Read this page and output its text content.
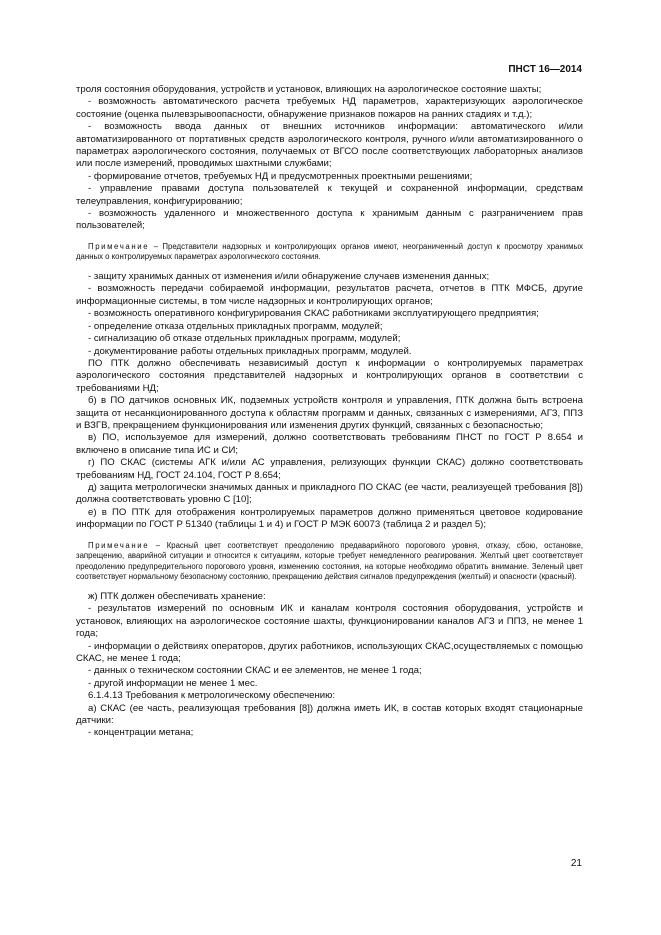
ПНСТ 16—2014

троля состояния оборудования, устройств и установок, влияющих на аэрологическое состояние шахты;

- возможность автоматического расчета требуемых НД параметров, характеризующих аэрологическое состояние (оценка пылевзрывоопасности, обнаружение признаков пожаров на ранних стадиях и т.д.);

- возможность ввода данных от внешних источников информации: автоматического и/или автоматизированного от портативных средств аэрологического контроля, ручного и/или автоматизированного о параметрах аэрологического состояния, получаемых от ВГСО после соответствующих лабораторных анализов или после измерений, проводимых шахтными службами;

- формирование отчетов, требуемых НД и предусмотренных проектными решениями;

- управление правами доступа пользователей к текущей и сохраненной информации, средствам телеуправления, конфигурированию;

- возможность удаленного и множественного доступа к хранимым данным с разграничением прав пользователей;

Примечание – Представители надзорных и контролирующих органов имеют, неограниченный доступ к просмотру хранимых данных о контролируемых параметрах аэрологического состояния.

- защиту хранимых данных от изменения и/или обнаружение случаев изменения данных;

- возможность передачи собираемой информации, результатов расчета, отчетов в ПТК МФСБ, другие информационные системы, в том числе надзорных и контролирующих органов;

- возможность оперативного конфигурирования СКАС работниками эксплуатирующего предприятия;

- определение отказа отдельных прикладных программ, модулей;

- сигнализацию об отказе отдельных прикладных программ, модулей;

- документирование работы отдельных прикладных программ, модулей.

ПО ПТК должно обеспечивать независимый доступ к информации о контролируемых параметрах аэрологического состояния представителей надзорных и контролирующих органов в соответствии с требованиями НД;

б) в ПО датчиков основных ИК, подземных устройств контроля и управления, ПТК должна быть встроена защита от несанкционированного доступа к областям программ и данных, связанных с измерениями, АГЗ, ППЗ и ВЗГВ, прекращением функционирования или изменения других функций, связанных с безопасностью;

в) ПО, используемое для измерений, должно соответствовать требованиям ПНСТ по ГОСТ Р 8.654 и включено в описание типа ИС и СИ;

г) ПО СКАС (системы АГК и/или АС управления, релизующих функции СКАС) должно соответствовать требованиям НД, ГОСТ 24.104, ГОСТ Р 8.654;

д) защита метрологически значимых данных и прикладного ПО СКАС (ее части, реализуещей требования [8]) должна соответствовать уровню С [10];

е) в ПО ПТК для отображения контролируемых параметров должно применяться цветовое кодирование информации по ГОСТ Р 51340 (таблицы 1 и 4) и ГОСТ Р МЭК 60073 (таблица 2 и раздел 5);

Примечание – Красный цвет соответствует преодолению предаварийного порогового уровня, отказу, сбою, остановке, запрещению, аварийной ситуации и относится к ситуациям, которые требует немедленного реагирования. Желтый цвет соответствует преодолению предупредительного порогового уровня, изменению состояния, на которые необходимо обратить внимание. Зеленый цвет соответствует нормальному безопасному состоянию, прекращению действия сигналов предупреждения (желтый) и опасности (красный).

ж) ПТК должен обеспечивать хранение:

- результатов измерений по основным ИК и каналам контроля состояния оборудования, устройств и установок, влияющих на аэрологическое состояние шахты, функционировании каналов АГЗ и ППЗ, не менее 1 года;

- информации о действиях операторов, других работников, использующих СКАС,осуществляемых с помощью СКАС, не менее 1 года;

- данных о техническом состоянии СКАС и ее элементов, не менее 1 года;

- другой информации не менее 1 мес.

6.1.4.13 Требования к метрологическому обеспечению:

а) СКАС (ее часть, реализующая требования [8]) должна иметь ИК, в состав которых входят стационарные датчики:

- концентрации метана;

21
